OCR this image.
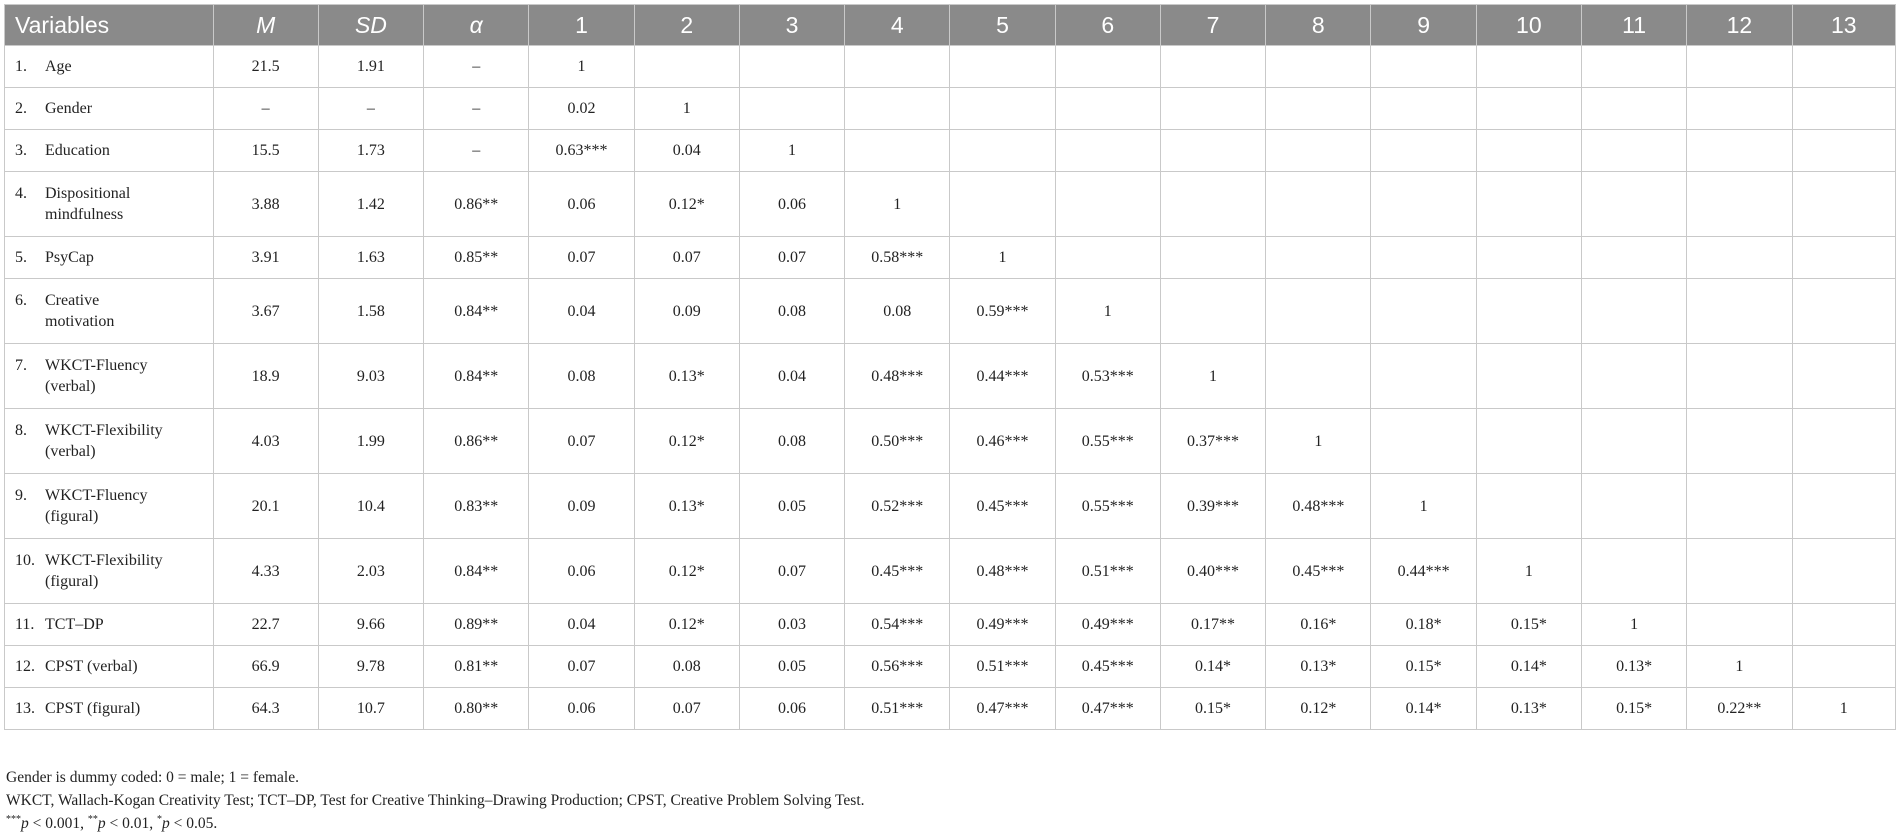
Variables	M	SD	α	1	2	3	4	5	6	7	8	9	10	11	12	13
1. Age	21.5	1.91	–	1												
2. Gender	–	–	–	0.02	1											
3. Education	15.5	1.73	–	0.63***	0.04	1										
4. Dispositional
mindfulness	3.88	1.42	0.86**	0.06	0.12*	0.06	1									
5. PsyCap	3.91	1.63	0.85**	0.07	0.07	0.07	0.58***	1								
6. Creative
motivation	3.67	1.58	0.84**	0.04	0.09	0.08	0.08	0.59***	1							
7. WKCT-Fluency
(verbal)	18.9	9.03	0.84**	0.08	0.13*	0.04	0.48***	0.44***	0.53***	1						
8. WKCT-Flexibility
(verbal)	4.03	1.99	0.86**	0.07	0.12*	0.08	0.50***	0.46***	0.55***	0.37***	1					
9. WKCT-Fluency
(figural)	20.1	10.4	0.83**	0.09	0.13*	0.05	0.52***	0.45***	0.55***	0.39***	0.48***	1				
10. WKCT-Flexibility
(figural)	4.33	2.03	0.84**	0.06	0.12*	0.07	0.45***	0.48***	0.51***	0.40***	0.45***	0.44***	1			
11. TCT–DP	22.7	9.66	0.89**	0.04	0.12*	0.03	0.54***	0.49***	0.49***	0.17**	0.16*	0.18*	0.15*	1		
12. CPST (verbal)	66.9	9.78	0.81**	0.07	0.08	0.05	0.56***	0.51***	0.45***	0.14*	0.13*	0.15*	0.14*	0.13*	1	
13. CPST (figural)	64.3	10.7	0.80**	0.06	0.07	0.06	0.51***	0.47***	0.47***	0.15*	0.12*	0.14*	0.13*	0.15*	0.22**	1
Gender is dummy coded: 0 = male; 1 = female.
WKCT, Wallach-Kogan Creativity Test; TCT–DP, Test for Creative Thinking–Drawing Production; CPST, Creative Problem Solving Test.
***p < 0.001, **p < 0.01, *p < 0.05.
